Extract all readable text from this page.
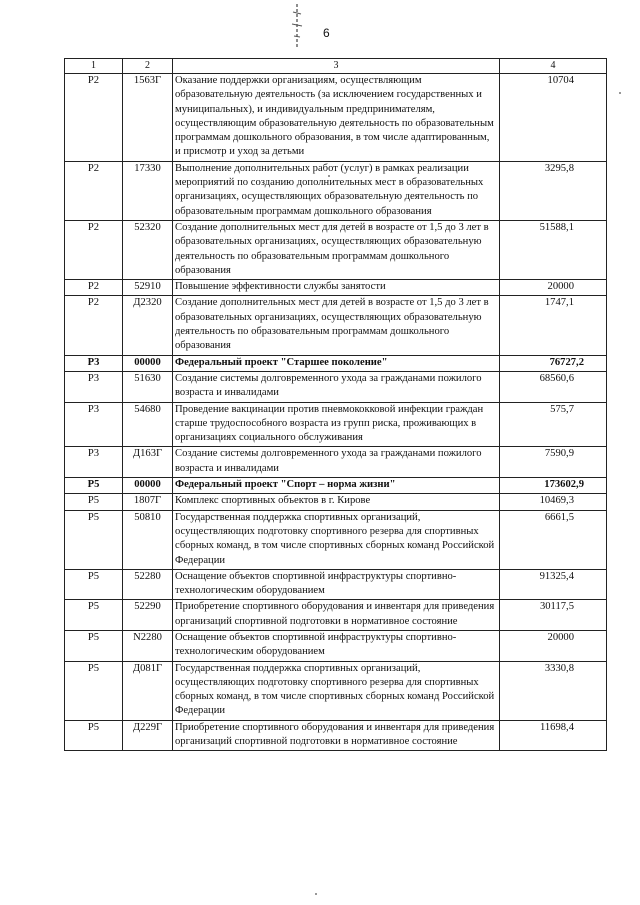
6
1	2	3	4
Р2	1563Г	Оказание поддержки организациям, осуществляющим образовательную деятельность (за исключением государственных и муниципальных), и индивидуальным предпринимателям, осуществляющим образовательную деятельность по образовательным программам дошкольного образования, в том числе адаптированным, и присмотр и уход за детьми	10704
Р2	17330	Выполнение дополнительных работ (услуг) в рамках реализации мероприятий по созданию дополнительных мест в образовательных организациях, осуществляющих образовательную деятельность по образовательным программам дошкольного образования	3295,8
Р2	52320	Создание дополнительных мест для детей в возрасте от 1,5 до 3 лет в образовательных организациях, осуществляющих образовательную деятельность по образовательным программам дошкольного образования	51588,1
Р2	52910	Повышение эффективности службы занятости	20000
Р2	Д2320	Создание дополнительных мест для детей в возрасте от 1,5 до 3 лет в образовательных организациях, осуществляющих образовательную деятельность по образовательным программам дошкольного образования	1747,1
Р3	00000	Федеральный проект "Старшее поколение"	76727,2
Р3	51630	Создание системы долговременного ухода за гражданами пожилого возраста и инвалидами	68560,6
Р3	54680	Проведение вакцинации против пневмококковой инфекции граждан старше трудоспособного возраста из групп риска, проживающих в организациях социального обслуживания	575,7
Р3	Д163Г	Создание системы долговременного ухода за гражданами пожилого возраста и инвалидами	7590,9
Р5	00000	Федеральный проект "Спорт – норма жизни"	173602,9
Р5	1807Г	Комплекс спортивных объектов в г. Кирове	10469,3
Р5	50810	Государственная поддержка спортивных организаций, осуществляющих подготовку спортивного резерва для спортивных сборных команд, в том числе спортивных сборных команд Российской Федерации	6661,5
Р5	52280	Оснащение объектов спортивной инфраструктуры спортивно-технологическим оборудованием	91325,4
Р5	52290	Приобретение спортивного оборудования и инвентаря для приведения организаций спортивной подготовки в нормативное состояние	30117,5
Р5	N2280	Оснащение объектов спортивной инфраструктуры спортивно-технологическим оборудованием	20000
Р5	Д081Г	Государственная поддержка спортивных организаций, осуществляющих подготовку спортивного резерва для спортивных сборных команд, в том числе спортивных сборных команд Российской Федерации	3330,8
Р5	Д229Г	Приобретение спортивного оборудования и инвентаря для приведения организаций спортивной подготовки в нормативное состояние	11698,4
